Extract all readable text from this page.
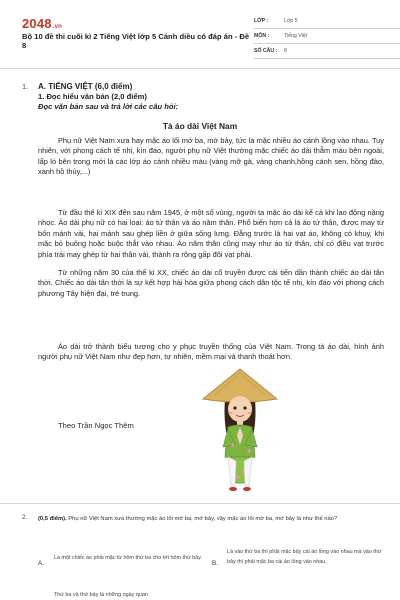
2048.vn
Bộ 10 đề thi cuối kì 2 Tiếng Việt lớp 5 Cánh diều có đáp án - Đề 8
LỚP :	Lớp 5
MÔN :	Tiếng Việt
SỐ CÂU :	8
1. A. TIẾNG VIỆT (6,0 điểm)
1. Đọc hiểu văn bản (2,0 điểm)
Đọc văn bản sau và trả lời các câu hỏi:
Tà áo dài Việt Nam
Phụ nữ Việt Nam xưa hay mặc áo lối mớ ba, mớ bảy, tức là mặc nhiều áo cánh lồng vào nhau. Tuy nhiên, với phong cách tế nhị, kín đáo, người phụ nữ Việt thường mặc chiếc áo dài thẫm màu bên ngoài, lấp ló bên trong mới là các lớp áo cánh nhiều màu (vàng mỡ gà, vàng chanh,hồng cánh sen, hồng đào, xanh hồ thủy,...)
Từ đầu thế kỉ XIX đến sau năm 1945, ở một số vùng, người ta mặc áo dài kể cả khi lao động nặng nhọc. Áo dài phụ nữ có hai loại: áo tứ thân và áo năm thân. Phổ biến hơn cả là áo tứ thân, được may từ bốn mảnh vải, hai mảnh sau ghép liền ở giữa sống lưng. Đằng trước là hai vạt áo, không có khuy, khi mặc bỏ buông hoặc buộc thắt vào nhau. Áo năm thân cũng may như áo tứ thân, chỉ có điều vạt trước phía trái may ghép từ hai thân vải, thành ra rộng gấp đôi vạt phải.
Từ những năm 30 của thế kỉ XX, chiếc áo dài cổ truyền được cải tiến dần thành chiếc áo dài tân thời. Chiếc áo dài tân thời là sự kết hợp hài hòa giữa phong cách dân tộc tế nhị, kín đáo với phong cách phương Tây hiện đại, trẻ trung.
Áo dài trở thành biểu tượng cho y phục truyền thống của Việt Nam. Trong tà áo dài, hình ảnh người phụ nữ Việt Nam như đẹp hơn, tự nhiên, mềm mại và thanh thoát hơn.
Theo Trần Ngọc Thêm
2. (0,5 điểm). Phụ nữ Việt Nam xưa thường mặc áo lối mớ ba, mớ bảy, vậy mặc áo lối mớ ba, mớ bảy là như thế nào?
A.
Là một chiếc áo phải mặc từ hôm thứ ba cho tới hôm thứ bảy.
B.
Là vào thứ ba thì phải mặc bảy cái áo lồng vào nhau mà vào thứ bảy thì phải mặc ba cái áo lồng vào nhau.
Thứ ba và thứ bảy là những ngày quan
